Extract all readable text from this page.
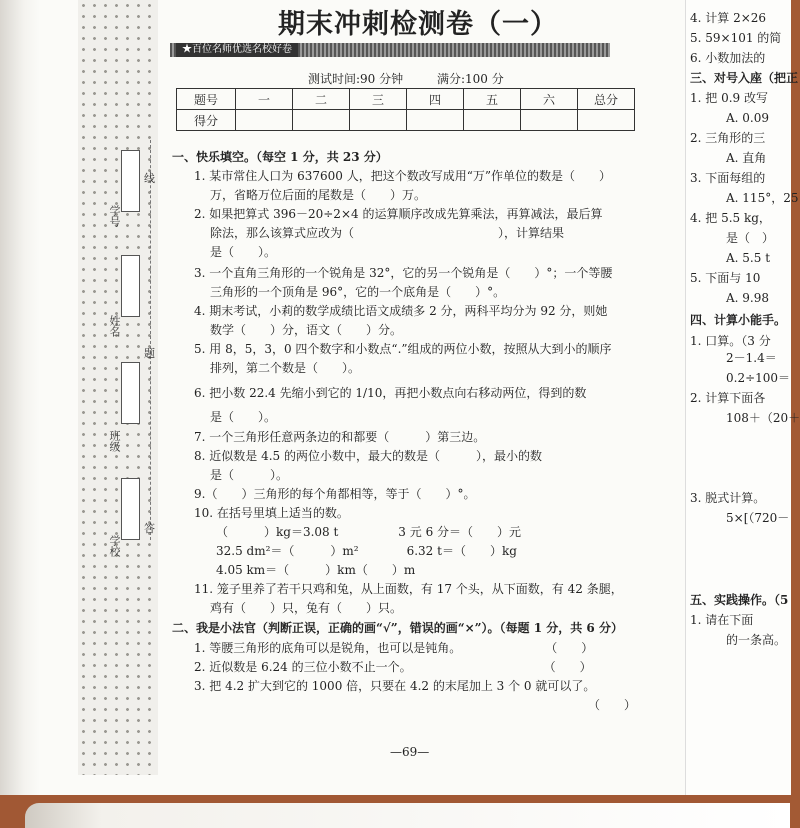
学号
姓名
班级
学校
线
题
答
期末冲刺检测卷（一）
★百位名师优选名校好卷
测试时间:90 分钟	满分:100 分
题号	一	二	三	四	五	六	总分
得分							
一、快乐填空。（每空 1 分，共 23 分）
1. 某市常住人口为 637600 人，把这个数改写成用“万”作单位的数是（　　）
万，省略万位后面的尾数是（　　）万。
2. 如果把算式 396－20÷2×4 的运算顺序改成先算乘法，再算减法，最后算
除法，那么该算式应改为（　　　　　　　　　　　　），计算结果
是（　　）。
3. 一个直角三角形的一个锐角是 32°，它的另一个锐角是（　　）°；一个等腰
三角形的一个顶角是 96°，它的一个底角是（　　）°。
4. 期末考试，小莉的数学成绩比语文成绩多 2 分，两科平均分为 92 分，则她
数学（　　）分，语文（　　）分。
5. 用 8，5，3，0 四个数字和小数点“.”组成的两位小数，按照从大到小的顺序
排列，第二个数是（　　）。
6. 把小数 22.4 先缩小到它的 1/10，再把小数点向右移动两位，得到的数
是（　　）。
7. 一个三角形任意两条边的和都要（　　　）第三边。
8. 近似数是 4.5 的两位小数中，最大的数是（　　　），最小的数
是（　　　）。
9.（　　）三角形的每个角都相等，等于（　　）°。
10. 在括号里填上适当的数。
（　　　）kg＝3.08 t　　　　　3 元 6 分＝（　　）元
32.5 dm²＝（　　　）m²　　　　6.32 t＝（　　）kg
4.05 km＝（　　　）km（　　）m
11. 笼子里养了若干只鸡和兔，从上面数，有 17 个头，从下面数，有 42 条腿，
鸡有（　　）只，兔有（　　）只。
二、我是小法官（判断正误，正确的画“√”，错误的画“×”）。（每题 1 分，共 6 分）
1. 等腰三角形的底角可以是锐角，也可以是钝角。　　　　　　　　（　　）
2. 近似数是 6.24 的三位小数不止一个。　　　　　　　　　　　　（　　）
3. 把 4.2 扩大到它的 1000 倍，只要在 4.2 的末尾加上 3 个 0 就可以了。
（　　）
—69—
4. 计算 2×26
5. 59×101 的简
6. 小数加法的
三、对号入座（把正
1. 把 0.9 改写
A. 0.09
2. 三角形的三
A. 直角
3. 下面每组的
A. 115°，25
4. 把 5.5 kg，
是（　）
A. 5.5 t
5. 下面与 10
A. 9.98
四、计算小能手。
1. 口算。（3 分
2－1.4＝
0.2÷100＝
2. 计算下面各
108＋（20＋
3. 脱式计算。
5×[（720－
五、实践操作。（5
1. 请在下面
的一条高。
